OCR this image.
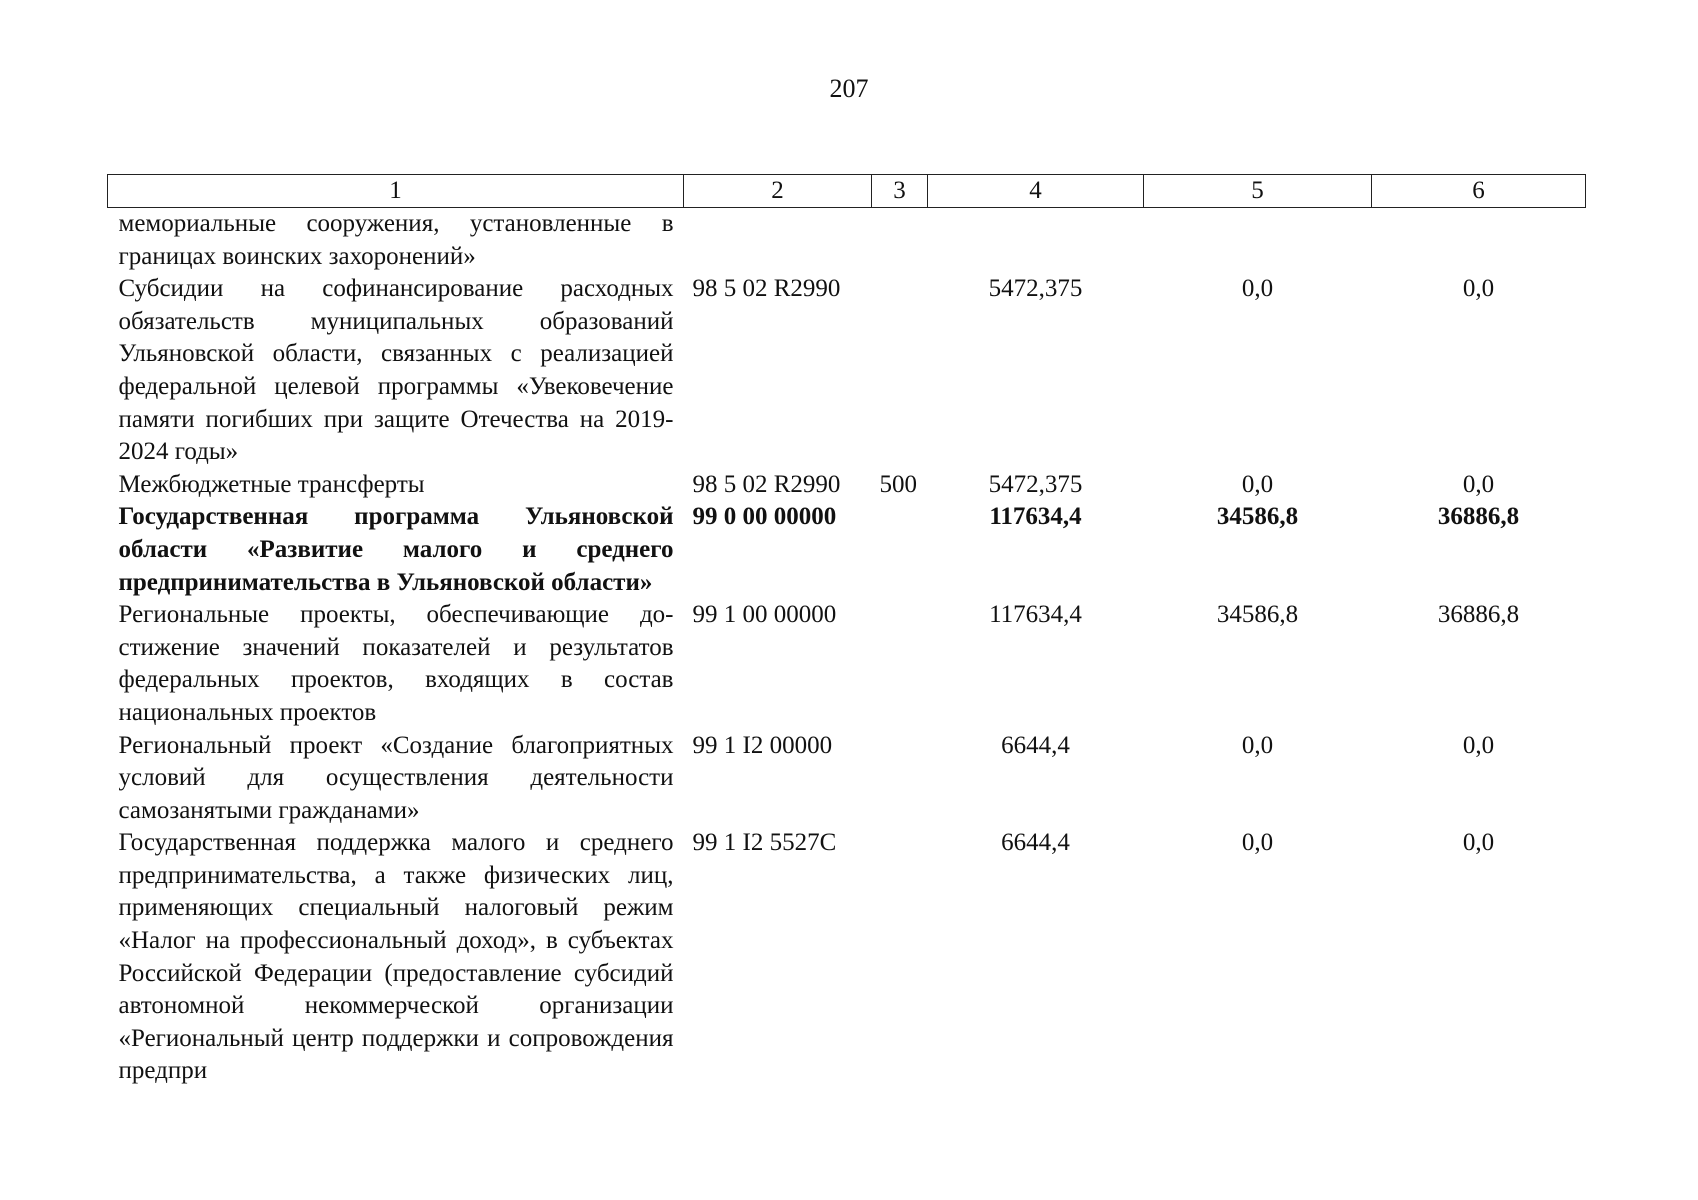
207
1	2	3	4	5	6
мемориальные сооружения, установленные в границах воинских захоронений»					
Субсидии на софинансирование расходных обязательств муниципальных образований Ульяновской области, связанных с реализацией федеральной целевой программы «Увековечение памяти погибших при защите Отечества на 2019-2024 годы»	98 5 02 R2990		5472,375	0,0	0,0
Межбюджетные трансферты	98 5 02 R2990	500	5472,375	0,0	0,0
Государственная программа Ульяновской области «Развитие малого и среднего предпринимательства в Ульяновской области»	99 0 00 00000		117634,4	34586,8	36886,8
Региональные проекты, обеспечивающие достижение значений показателей и результатов федеральных проектов, входящих в состав национальных проектов	99 1 00 00000		117634,4	34586,8	36886,8
Региональный проект «Создание благоприятных условий для осуществления деятельности самозанятыми гражданами»	99 1 I2 00000		6644,4	0,0	0,0
Государственная поддержка малого и среднего предпринимательства, а также физических лиц, применяющих специальный налоговый режим «Налог на профессиональный доход», в субъектах Российской Федерации (предоставление субсидий автономной некоммерческой организации «Региональный центр поддержки и сопровождения предпри	99 1 I2 5527C		6644,4	0,0	0,0
